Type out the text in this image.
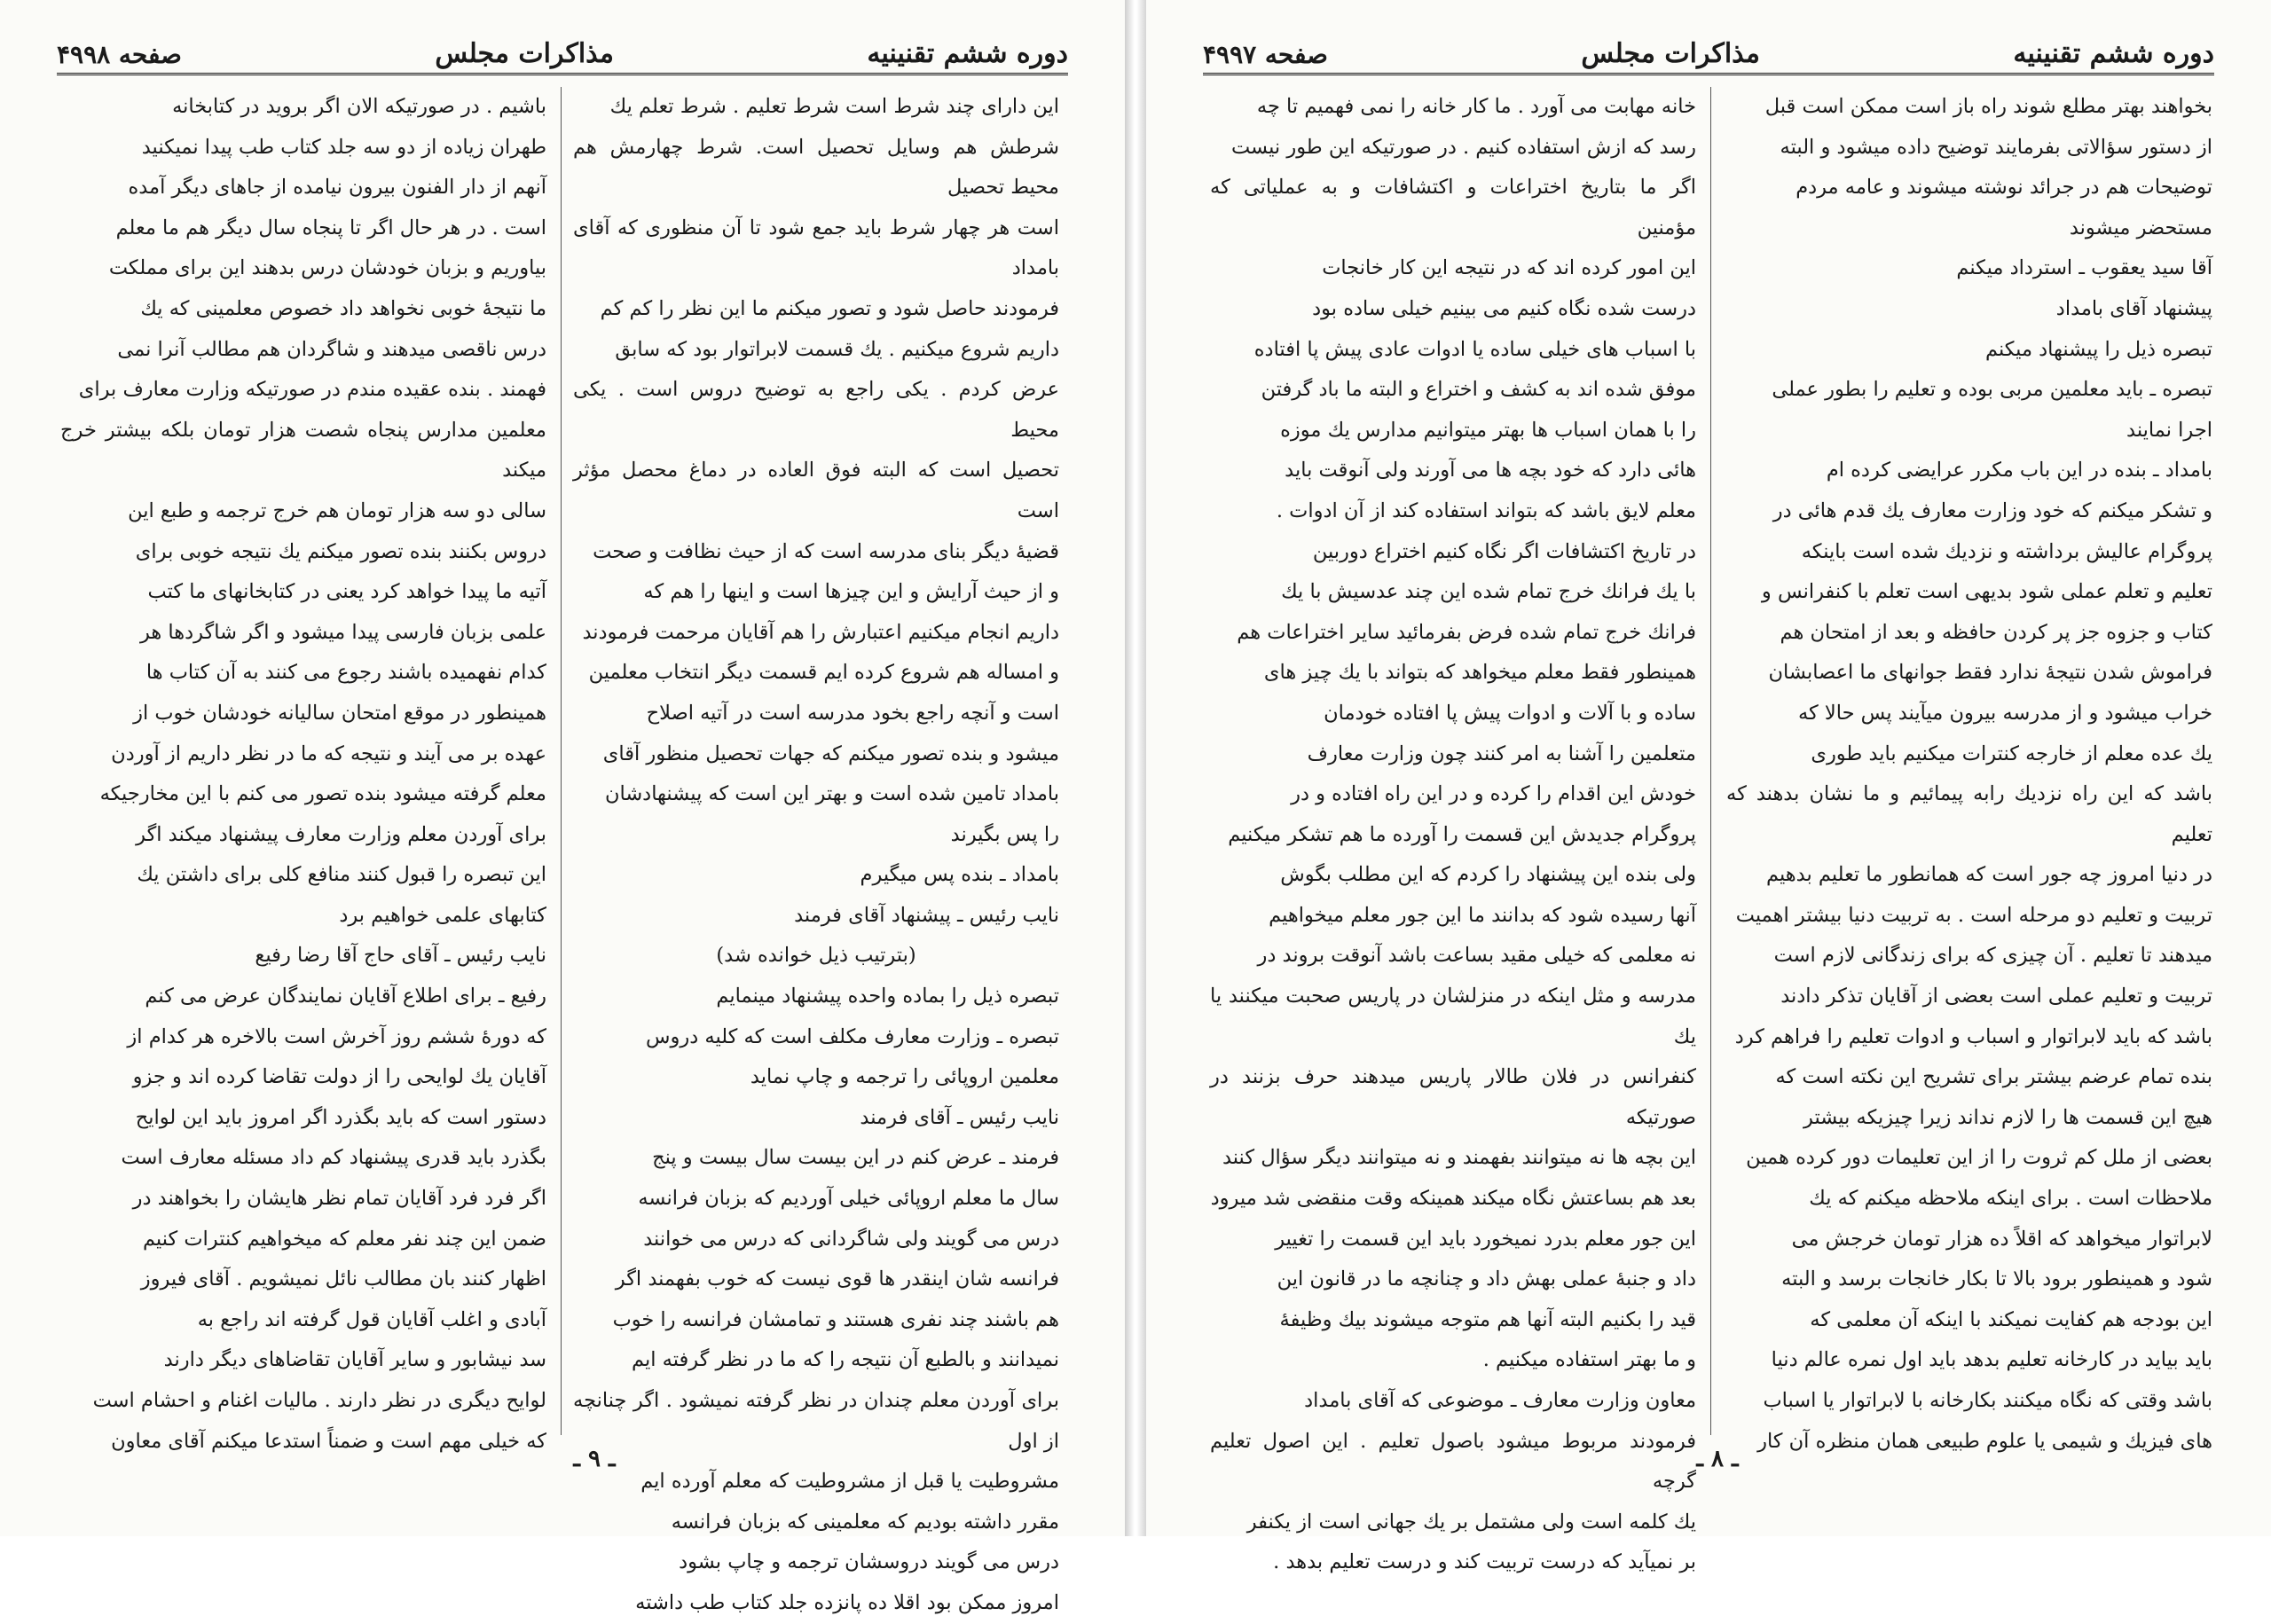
دوره ششم تقنینیه
مذاکرات مجلس
صفحه ۴۹۹۸

این دارای چند شرط است شرط تعلیم . شرط تعلم یك

شرطش هم وسایل تحصیل است. شرط چهارمش هم محیط تحصیل

است هر چهار شرط باید جمع شود تا آن منظوری که آقای بامداد

فرمودند حاصل شود و تصور میکنم ما این نظر را کم کم

داریم شروع میکنیم . یك قسمت لابراتوار بود که سابق

عرض کردم . یکی راجع به توضیح دروس است . یکی محیط

تحصیل است که البته فوق العاده در دماغ محصل مؤثر است

قضیهٔ دیگر بنای مدرسه است که از حیث نظافت و صحت

و از حیث آرایش و این چیزها است و اینها را هم که

داریم انجام میکنیم اعتبارش را هم آقایان مرحمت فرمودند

و امساله هم شروع کرده ایم قسمت دیگر انتخاب معلمین

است و آنچه راجع بخود مدرسه است در آتیه اصلاح

میشود و بنده تصور میکنم که جهات تحصیل منظور آقای

بامداد تامین شده است و بهتر این است که پیشنهادشان

را پس بگیرند

بامداد ـ بنده پس میگیرم

نایب رئیس ـ پیشنهاد آقای فرمند

(بترتیب ذیل خوانده شد)

تبصره ذیل را بماده واحده پیشنهاد مینمایم

تبصره ـ وزارت معارف مکلف است که کلیه دروس

معلمین اروپائی را ترجمه و چاپ نماید

نایب رئیس ـ آقای فرمند

فرمند ـ عرض کنم در این بیست سال بیست و پنج

سال ما معلم اروپائی خیلی آوردیم که بزبان فرانسه

درس می گویند ولی شاگردانی که درس می خوانند

فرانسه شان اینقدر ها قوی نیست که خوب بفهمند اگر

هم باشند چند نفری هستند و تمامشان فرانسه را خوب

نمیدانند و بالطبع آن نتیجه را که ما در نظر گرفته ایم

برای آوردن معلم چندان در نظر گرفته نمیشود . اگر چنانچه از اول

مشروطیت یا قبل از مشروطیت که معلم آورده ایم

مقرر داشته بودیم که معلمینی که بزبان فرانسه

درس می گویند دروسشان ترجمه و چاپ بشود

امروز ممکن بود اقلا ده پانزده جلد کتاب طب داشته

باشیم . در صورتیکه الان اگر بروید در کتابخانه

طهران زیاده از دو سه جلد کتاب طب پیدا نمیکنید

آنهم از دار الفنون بیرون نیامده از جاهای دیگر آمده

است . در هر حال اگر تا پنجاه سال دیگر هم ما معلم

بیاوریم و بزبان خودشان درس بدهند این برای مملکت

ما نتیجهٔ خوبی نخواهد داد خصوص معلمینی که یك

درس ناقصی میدهند و شاگردان هم مطالب آنرا نمی

فهمند . بنده عقیده مندم در صورتیکه وزارت معارف برای

معلمین مدارس پنجاه شصت هزار تومان بلکه بیشتر خرج میکند

سالی دو سه هزار تومان هم خرج ترجمه و طبع این

دروس بکنند بنده تصور میکنم یك نتیجه خوبی برای

آتیه ما پیدا خواهد کرد یعنی در کتابخانهای ما کتب

علمی بزبان فارسی پیدا میشود و اگر شاگردها هر

کدام نفهمیده باشند رجوع می کنند به آن کتاب ها

همینطور در موقع امتحان سالیانه خودشان خوب از

عهده بر می آیند و نتیجه که ما در نظر داریم از آوردن

معلم گرفته میشود بنده تصور می کنم با این مخارجیکه

برای آوردن معلم وزارت معارف پیشنهاد میکند اگر

این تبصره را قبول کنند منافع کلی برای داشتن یك

کتابهای علمی خواهیم برد

نایب رئیس ـ آقای حاج آقا رضا رفیع

رفیع ـ برای اطلاع آقایان نمایندگان عرض می کنم

که دورهٔ ششم روز آخرش است بالاخره هر کدام از

آقایان یك لوایحی را از دولت تقاضا کرده اند و جزو

دستور است که باید بگذرد اگر امروز باید این لوایح

بگذرد باید قدری پیشنهاد کم داد مسئله معارف است

اگر فرد فرد آقایان تمام نظر هایشان را بخواهند در

ضمن این چند نفر معلم که میخواهیم کنترات کنیم

اظهار کنند بان مطالب نائل نمیشویم . آقای فیروز

آبادی و اغلب آقایان قول گرفته اند راجع به

سد نیشابور و سایر آقایان تقاضاهای دیگر دارند

لوایح دیگری در نظر دارند . مالیات اغنام و احشام است

که خیلی مهم است و ضمناً استدعا میکنم آقای معاون

ـ ۹ ـ
دوره ششم تقنینیه
مذاکرات مجلس
صفحه ۴۹۹۷

بخواهند بهتر مطلع شوند راه باز است ممکن است قبل

از دستور سؤالاتی بفرمایند توضیح داده میشود و البته

توضیحات هم در جرائد نوشته میشوند و عامه مردم

مستحضر میشوند

آقا سید یعقوب ـ استرداد میکنم

پیشنهاد آقای بامداد

تبصره ذیل را پیشنهاد میکنم

تبصره ـ باید معلمین مربی بوده و تعلیم را بطور عملی

اجرا نمایند

بامداد ـ بنده در این باب مکرر عرایضی کرده ام

و تشکر میکنم که خود وزارت معارف یك قدم هائی در

پروگرام عالیش برداشته و نزدیك شده است باینکه

تعلیم و تعلم عملی شود بدیهی است تعلم با کنفرانس و

کتاب و جزوه جز پر کردن حافظه و بعد از امتحان هم

فراموش شدن نتیجهٔ ندارد فقط جوانهای ما اعصابشان

خراب میشود و از مدرسه بیرون میآیند پس حالا که

یك عده معلم از خارجه کنترات میکنیم باید طوری

باشد که این راه نزدیك رابه پیمائیم و ما نشان بدهند که تعلیم

در دنیا امروز چه جور است که همانطور ما تعلیم بدهیم

تربیت و تعلیم دو مرحله است . به تربیت دنیا بیشتر اهمیت

میدهند تا تعلیم . آن چیزی که برای زندگانی لازم است

تربیت و تعلیم عملی است بعضی از آقایان تذکر دادند

باشد که باید لابراتوار و اسباب و ادوات تعلیم را فراهم کرد

بنده تمام عرضم بیشتر برای تشریح این نکته است که

هیچ این قسمت ها را لازم نداند زیرا چیزیکه بیشتر

بعضی از ملل کم ثروت را از این تعلیمات دور کرده همین

ملاحظات است . برای اینکه ملاحظه میکنم که یك

لابراتوار میخواهد که اقلاً ده هزار تومان خرجش می

شود و همینطور برود بالا تا بکار خانجات برسد و البته

این بودجه هم کفایت نمیکند با اینکه آن معلمی که

باید بیاید در کارخانه تعلیم بدهد باید اول نمره عالم دنیا

باشد وقتی که نگاه میکنند بکارخانه با لابراتوار یا اسباب

های فیزیك و شیمی یا علوم طبیعی همان منظره آن کار

خانه مهابت می آورد . ما کار خانه را نمی فهمیم تا چه

رسد که ازش استفاده کنیم . در صورتیکه این طور نیست

اگر ما بتاریخ اختراعات و اکتشافات و به عملیاتی که مؤمنین

این امور کرده اند که در نتیجه این کار خانجات

درست شده نگاه کنیم می بینیم خیلی ساده بود

با اسباب های خیلی ساده یا ادوات عادی پیش پا افتاده

موفق شده اند به کشف و اختراع و البته ما باد گرفتن

را با همان اسباب ها بهتر میتوانیم مدارس یك موزه

هائی دارد که خود بچه ها می آورند ولی آنوقت باید

معلم لایق باشد که بتواند استفاده کند از آن ادوات .

در تاریخ اکتشافات اگر نگاه کنیم اختراع دوربین

با یك فرانك خرج تمام شده این چند عدسیش با یك

فرانك خرج تمام شده فرض بفرمائید سایر اختراعات هم

همینطور فقط معلم میخواهد که بتواند با یك چیز های

ساده و با آلات و ادوات پیش پا افتاده خودمان

متعلمین را آشنا به امر کنند چون وزارت معارف

خودش این اقدام را کرده و در این راه افتاده و در

پروگرام جدیدش این قسمت را آورده ما هم تشکر میکنیم

ولی بنده این پیشنهاد را کردم که این مطلب بگوش

آنها رسیده شود که بدانند ما این جور معلم میخواهیم

نه معلمی که خیلی مقید بساعت باشد آنوقت بروند در

مدرسه و مثل اینکه در منزلشان در پاریس صحبت میکنند یا یك

کنفرانس در فلان طالار پاریس میدهند حرف بزنند در صورتیکه

این بچه ها نه میتوانند بفهمند و نه میتوانند دیگر سؤال کنند

بعد هم بساعتش نگاه میکند همینکه وقت منقضی شد میرود

این جور معلم بدرد نمیخورد باید این قسمت را تغییر

داد و جنبهٔ عملی بهش داد و چنانچه ما در قانون این

قید را بکنیم البته آنها هم متوجه میشوند بیك وظیفهٔ

و ما بهتر استفاده میکنیم .

معاون وزارت معارف ـ موضوعی که آقای بامداد

فرمودند مربوط میشود باصول تعلیم . این اصول تعلیم گرچه

یك کلمه است ولی مشتمل بر یك جهانی است از یکنفر

بر نمیآید که درست تربیت کند و درست تعلیم بدهد .

ـ ۸ ـ
